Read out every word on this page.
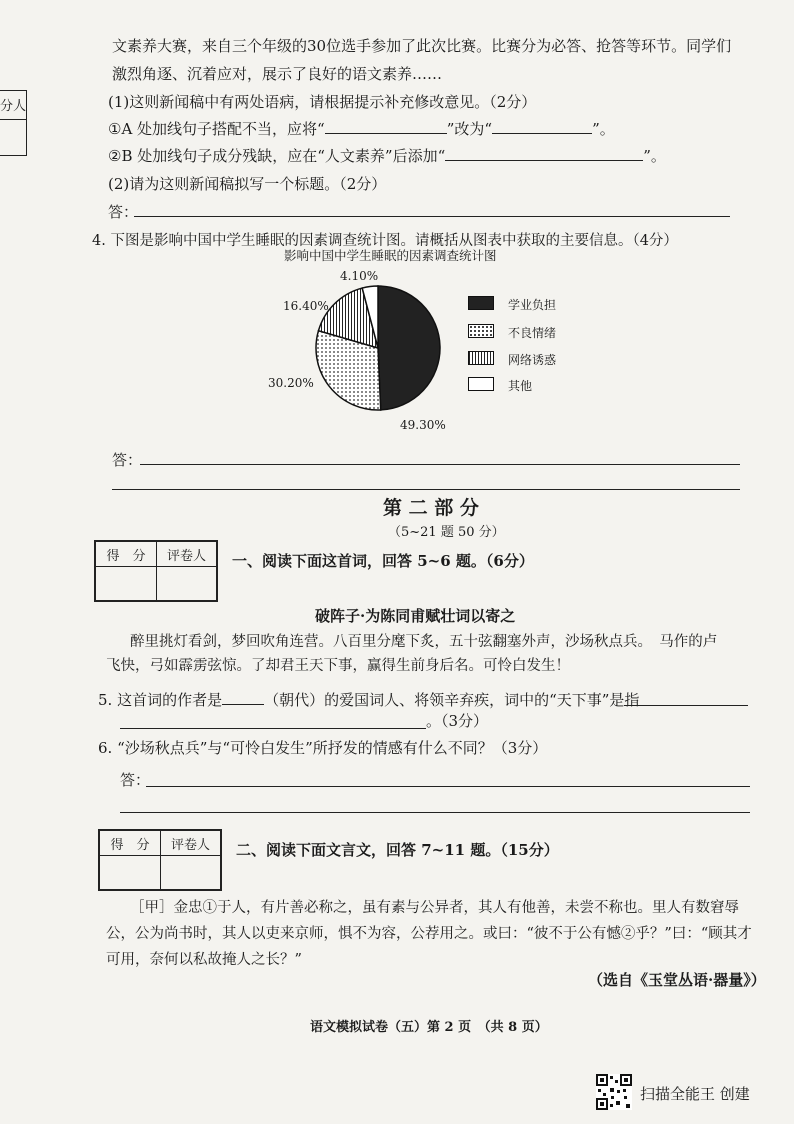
分人
文素养大赛，来自三个年级的30位选手参加了此次比赛。比赛分为必答、抢答等环节。同学们
激烈角逐、沉着应对，展示了良好的语文素养……
(1)这则新闻稿中有两处语病，请根据提示补充修改意见。（2分）
①A 处加线句子搭配不当，应将“	”改为“	”。
②B 处加线句子成分残缺，应在“人文素养”后添加“	”。
(2)请为这则新闻稿拟写一个标题。（2分）
答：
4. 下图是影响中国中学生睡眠的因素调查统计图。请概括从图表中获取的主要信息。（4分）
影响中国中学生睡眠的因素调查统计图
4.10%
16.40%
30.20%
49.30%
学业负担
不良情绪
网络诱惑
其他
答：
第 二 部 分
（5~21 题 50 分）
得　分	评卷人	一、阅读下面这首词，回答 5~6 题。（6分）
破阵子·为陈同甫赋壮词以寄之
醉里挑灯看剑，梦回吹角连营。八百里分麾下炙，五十弦翻塞外声，沙场秋点兵。　马作的卢
飞快，弓如霹雳弦惊。了却君王天下事，赢得生前身后名。可怜白发生！
5. 这首词的作者是	（朝代）的爱国词人、将领辛弃疾，词中的“天下事”是指
。（3分）
6. “沙场秋点兵”与“可怜白发生”所抒发的情感有什么不同？（3分）
答：
得　分	评卷人	二、阅读下面文言文，回答 7~11 题。（15分）
［甲］金忠①于人，有片善必称之，虽有素与公异者，其人有他善，未尝不称也。里人有数窘辱
公，公为尚书时，其人以吏来京师，惧不为容，公荐用之。或曰：“彼不于公有憾②乎？”曰：“顾其才
可用，奈何以私故掩人之长？”
（选自《玉堂丛语·器量》）
语文模拟试卷（五）第 2 页　（共 8 页）
扫描全能王 创建
